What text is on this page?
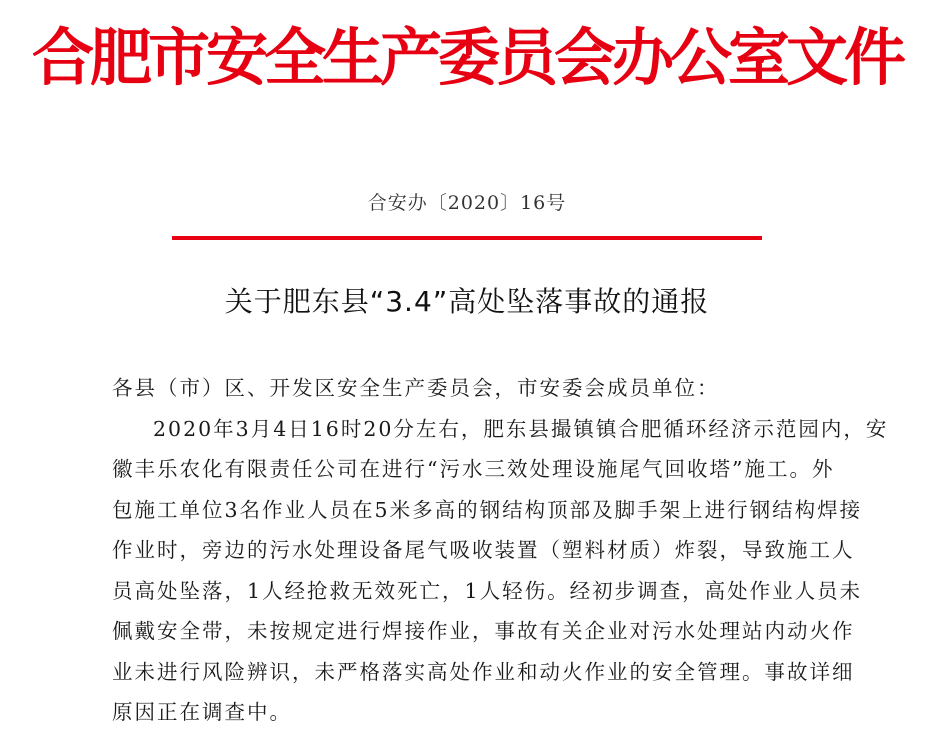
合肥市安全生产委员会办公室文件
合安办〔2020〕16号
关于肥东县“3.4”高处坠落事故的通报
各县（市）区、开发区安全生产委员会，市安委会成员单位：
2020年3月4日16时20分左右，肥东县撮镇镇合肥循环经济示范园内，安
徽丰乐农化有限责任公司在进行“污水三效处理设施尾气回收塔”施工。外
包施工单位3名作业人员在5米多高的钢结构顶部及脚手架上进行钢结构焊接
作业时，旁边的污水处理设备尾气吸收装置（塑料材质）炸裂，导致施工人
员高处坠落，1人经抢救无效死亡，1人轻伤。经初步调查，高处作业人员未
佩戴安全带，未按规定进行焊接作业，事故有关企业对污水处理站内动火作
业未进行风险辨识，未严格落实高处作业和动火作业的安全管理。事故详细
原因正在调查中。
